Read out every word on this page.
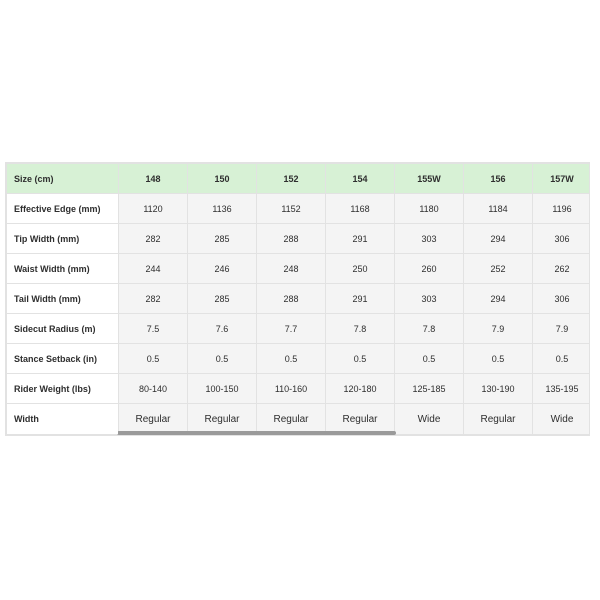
Size (cm)	148	150	152	154	155W	156	157W
Effective Edge (mm)	1120	1136	1152	1168	1180	1184	1196
Tip Width (mm)	282	285	288	291	303	294	306
Waist Width (mm)	244	246	248	250	260	252	262
Tail Width (mm)	282	285	288	291	303	294	306
Sidecut Radius (m)	7.5	7.6	7.7	7.8	7.8	7.9	7.9
Stance Setback (in)	0.5	0.5	0.5	0.5	0.5	0.5	0.5
Rider Weight (lbs)	80-140	100-150	110-160	120-180	125-185	130-190	135-195
Width	Regular	Regular	Regular	Regular	Wide	Regular	Wide
